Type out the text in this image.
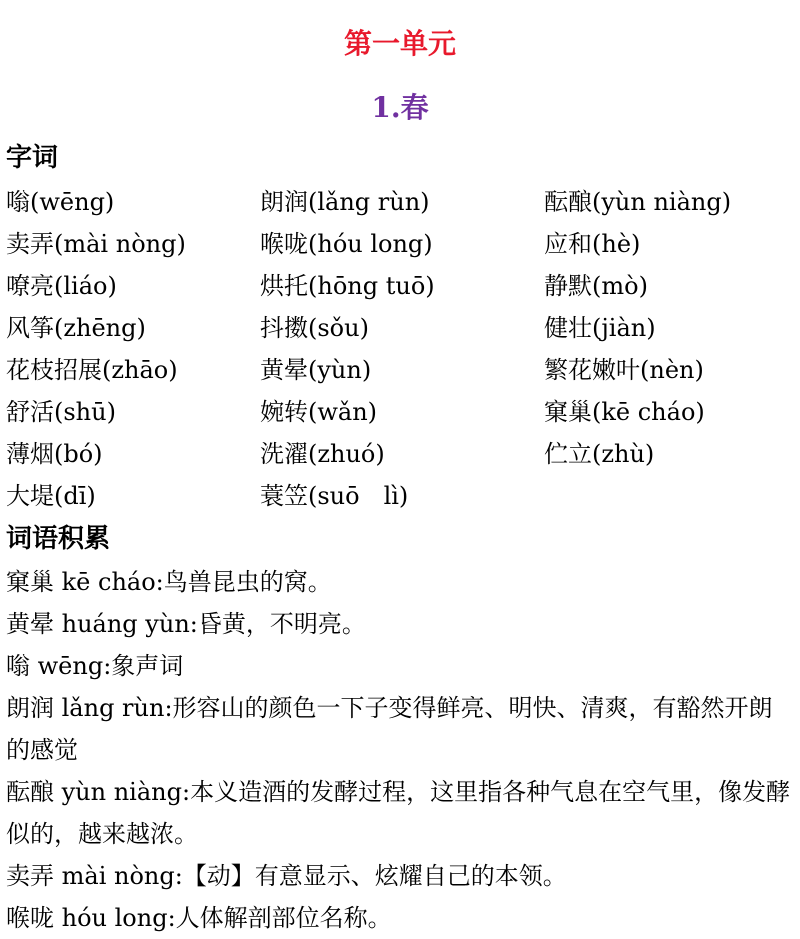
第一单元
1.春
字词
嗡(wēng)	朗润(lǎng rùn)	酝酿(yùn niàng)
卖弄(mài nòng)	喉咙(hóu long)	应和(hè)
嘹亮(liáo)	烘托(hōng tuō)	静默(mò)
风筝(zhēng)	抖擞(sǒu)	健壮(jiàn)
花枝招展(zhāo)	黄晕(yùn)	繁花嫩叶(nèn)
舒活(shū)	婉转(wǎn)	窠巢(kē cháo)
薄烟(bó)	洗濯(zhuó)	伫立(zhù)
大堤(dī)	蓑笠(suō　lì)
词语积累

窠巢 kē cháo:鸟兽昆虫的窝。

黄晕 huáng yùn:昏黄，不明亮。

嗡 wēng:象声词

朗润 lǎng rùn:形容山的颜色一下子变得鲜亮、明快、清爽，有豁然开朗的感觉

酝酿 yùn niàng:本义造酒的发酵过程，这里指各种气息在空气里，像发酵似的，越来越浓。

卖弄 mài nòng:【动】有意显示、炫耀自己的本领。

喉咙 hóu long:人体解剖部位名称。
